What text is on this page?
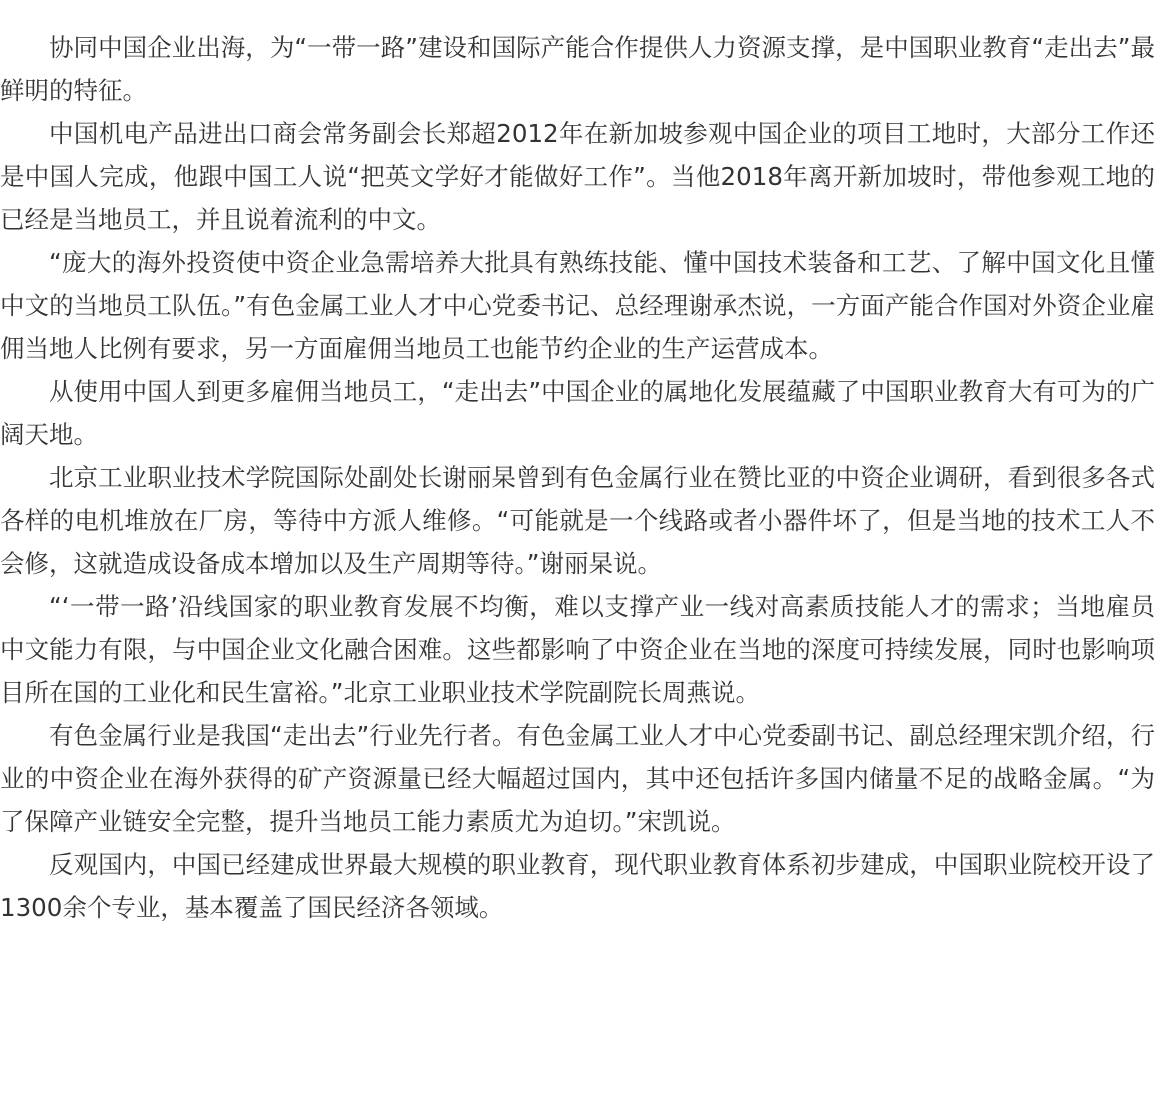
协同中国企业出海，为“一带一路”建设和国际产能合作提供人力资源支撑，是中国职业教育“走出去”最鲜明的特征。

中国机电产品进出口商会常务副会长郑超2012年在新加坡参观中国企业的项目工地时，大部分工作还是中国人完成，他跟中国工人说“把英文学好才能做好工作”。当他2018年离开新加坡时，带他参观工地的已经是当地员工，并且说着流利的中文。

“庞大的海外投资使中资企业急需培养大批具有熟练技能、懂中国技术装备和工艺、了解中国文化且懂中文的当地员工队伍。”有色金属工业人才中心党委书记、总经理谢承杰说，一方面产能合作国对外资企业雇佣当地人比例有要求，另一方面雇佣当地员工也能节约企业的生产运营成本。

从使用中国人到更多雇佣当地员工，“走出去”中国企业的属地化发展蕴藏了中国职业教育大有可为的广阔天地。

北京工业职业技术学院国际处副处长谢丽杲曾到有色金属行业在赞比亚的中资企业调研，看到很多各式各样的电机堆放在厂房，等待中方派人维修。“可能就是一个线路或者小器件坏了，但是当地的技术工人不会修，这就造成设备成本增加以及生产周期等待。”谢丽杲说。

“‘一带一路’沿线国家的职业教育发展不均衡，难以支撑产业一线对高素质技能人才的需求；当地雇员中文能力有限，与中国企业文化融合困难。这些都影响了中资企业在当地的深度可持续发展，同时也影响项目所在国的工业化和民生富裕。”北京工业职业技术学院副院长周燕说。

有色金属行业是我国“走出去”行业先行者。有色金属工业人才中心党委副书记、副总经理宋凯介绍，行业的中资企业在海外获得的矿产资源量已经大幅超过国内，其中还包括许多国内储量不足的战略金属。“为了保障产业链安全完整，提升当地员工能力素质尤为迫切。”宋凯说。

反观国内，中国已经建成世界最大规模的职业教育，现代职业教育体系初步建成，中国职业院校开设了1300余个专业，基本覆盖了国民经济各领域。
